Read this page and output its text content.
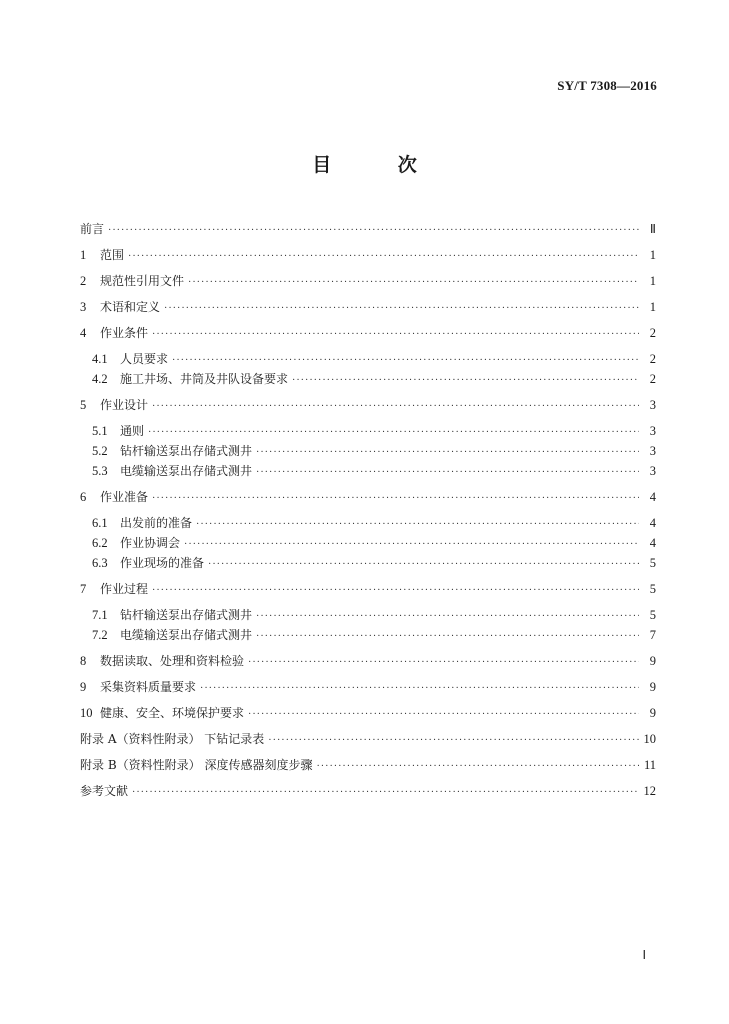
SY/T 7308—2016
目 次
前言 ·····	Ⅱ
1	范围 ·····	1
2	规范性引用文件 ·····	1
3	术语和定义 ·····	1
4	作业条件 ·····	2
4.1	人员要求 ·····	2
4.2	施工井场、井筒及井队设备要求 ·····	2
5	作业设计 ·····	3
5.1	通则 ·····	3
5.2	钻杆输送泵出存储式测井 ·····	3
5.3	电缆输送泵出存储式测井 ·····	3
6	作业准备 ·····	4
6.1	出发前的准备 ·····	4
6.2	作业协调会 ·····	4
6.3	作业现场的准备 ·····	5
7	作业过程 ·····	5
7.1	钻杆输送泵出存储式测井 ·····	5
7.2	电缆输送泵出存储式测井 ·····	7
8	数据读取、处理和资料检验 ·····	9
9	采集资料质量要求 ·····	9
10 健康、安全、环境保护要求 ·····	9
附录 A（资料性附录） 下钻记录表 ·····	10
附录 B（资料性附录） 深度传感器刻度步骤 ·····	11
参考文献 ·····	12
Ⅰ
